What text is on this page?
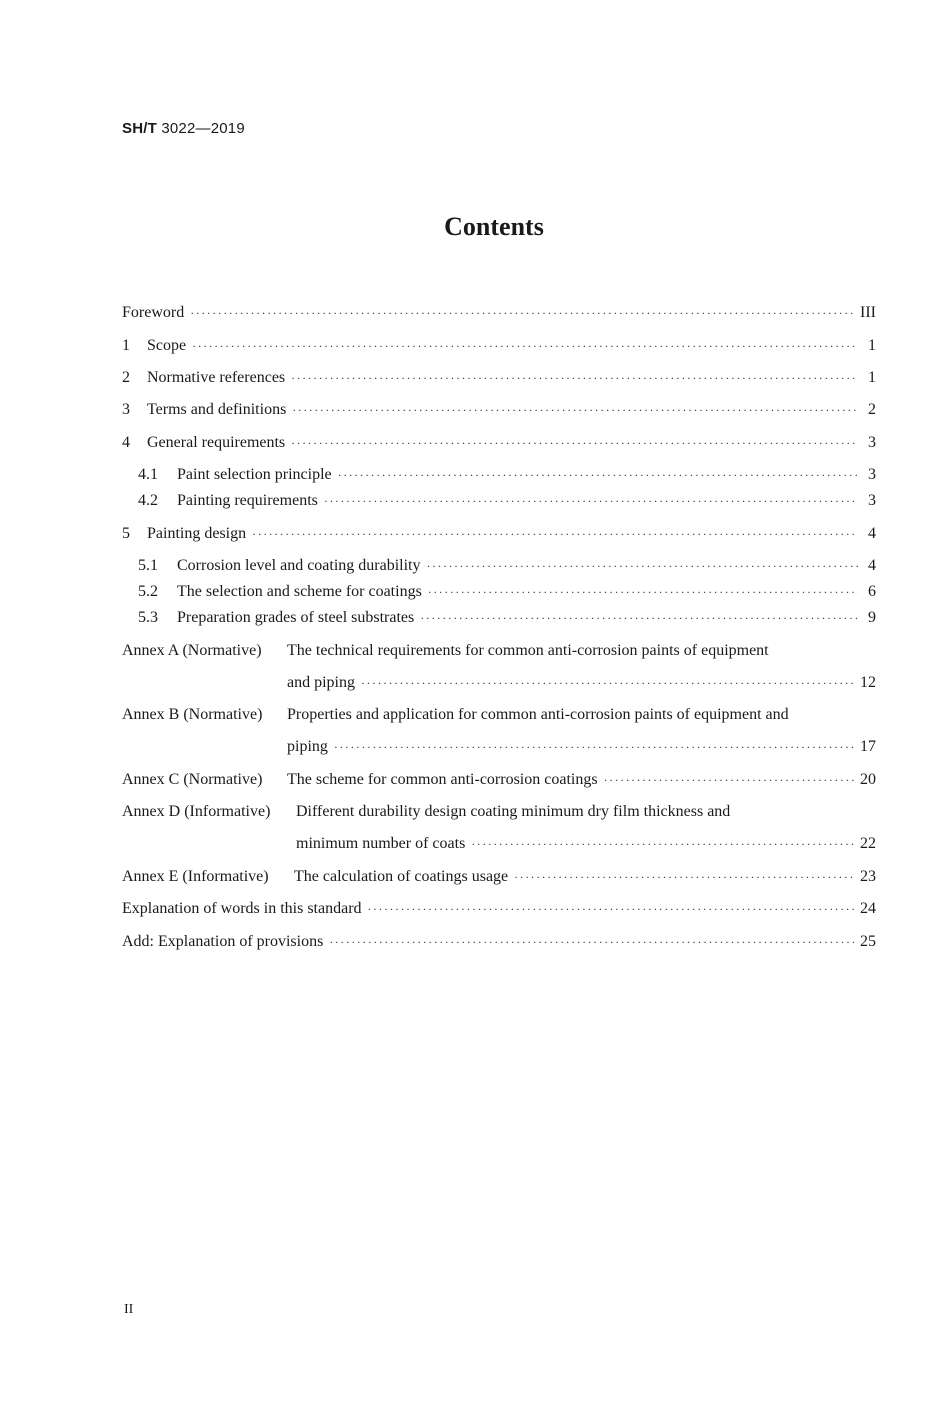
SH/T 3022—2019
Contents
Foreword ·····	III
1	Scope ·····	1
2	Normative references ·····	1
3	Terms and definitions ·····	2
4	General requirements ·····	3
4.1	Paint selection principle ·····	3
4.2	Painting requirements ·····	3
5	Painting design ·····	4
5.1	Corrosion level and coating durability ·····	4
5.2	The selection and scheme for coatings ·····	6
5.3	Preparation grades of steel substrates ·····	9
Annex A (Normative) The technical requirements for common anti-corrosion paints of equipment
and piping ·····	12
Annex B (Normative) Properties and application for common anti-corrosion paints of equipment and
piping ·····	17
Annex C (Normative)	The scheme for common anti-corrosion coatings ·····	20
Annex D (Informative) Different durability design coating minimum dry film thickness and
minimum number of coats ·····	22
Annex E (Informative)	The calculation of coatings usage ·····	23
Explanation of words in this standard ·····	24
Add: Explanation of provisions ·····	25
II
